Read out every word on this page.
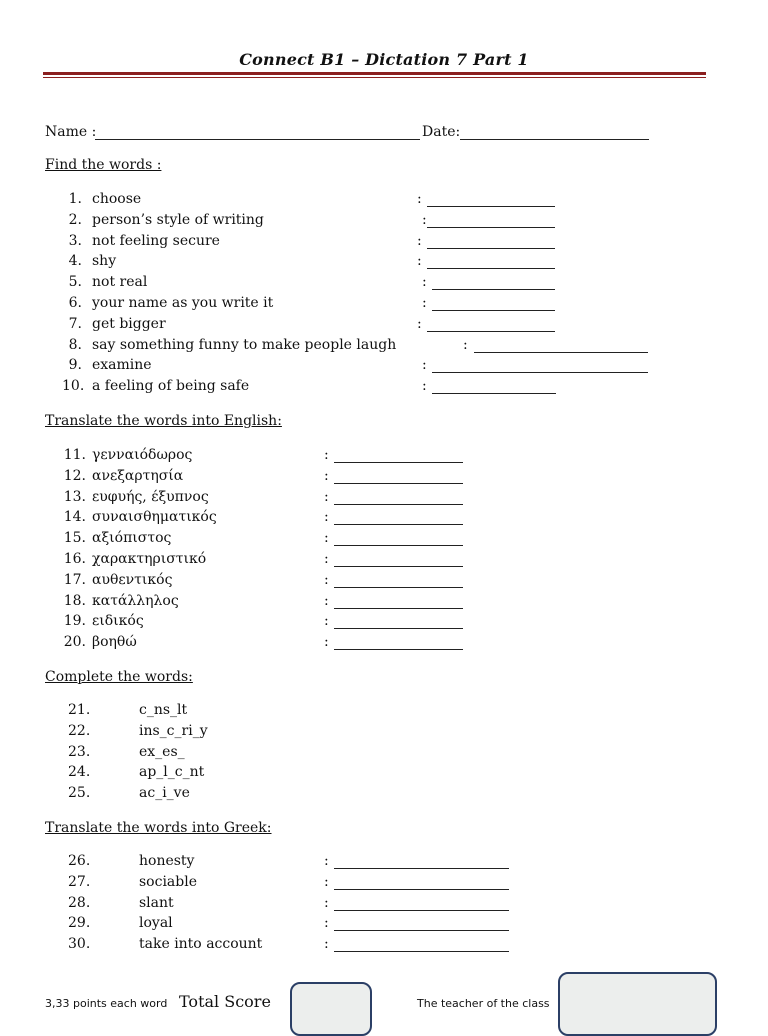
Connect B1 – Dictation 7 Part 1
Name :	Date:
Find the words :
1. choose	:
2. person’s style of writing	:
3. not feeling secure	:
4. shy	:
5. not real	:
6. your name as you write it	:
7. get bigger	:
8. say something funny to make people laugh	:
9. examine	:
10. a feeling of being safe	:
Translate the words into English:
11. γενναιόδωρος	:
12. ανεξαρτησία	:
13. ευφυής, έξυπνος	:
14. συναισθηματικός	:
15. αξιόπιστος	:
16. χαρακτηριστικό	:
17. αυθεντικός	:
18. κατάλληλος	:
19. ειδικός	:
20. βοηθώ	:
Complete the words:
21.	c_ns_lt
22.	ins_c_ri_y
23.	ex_es_
24.	ap_l_c_nt
25.	ac_i_ve
Translate the words into Greek:
26.	honesty	:
27.	sociable	:
28.	slant	:
29.	loyal	:
30.	take into account	:
3,33 points each word Total Score	The teacher of the class
